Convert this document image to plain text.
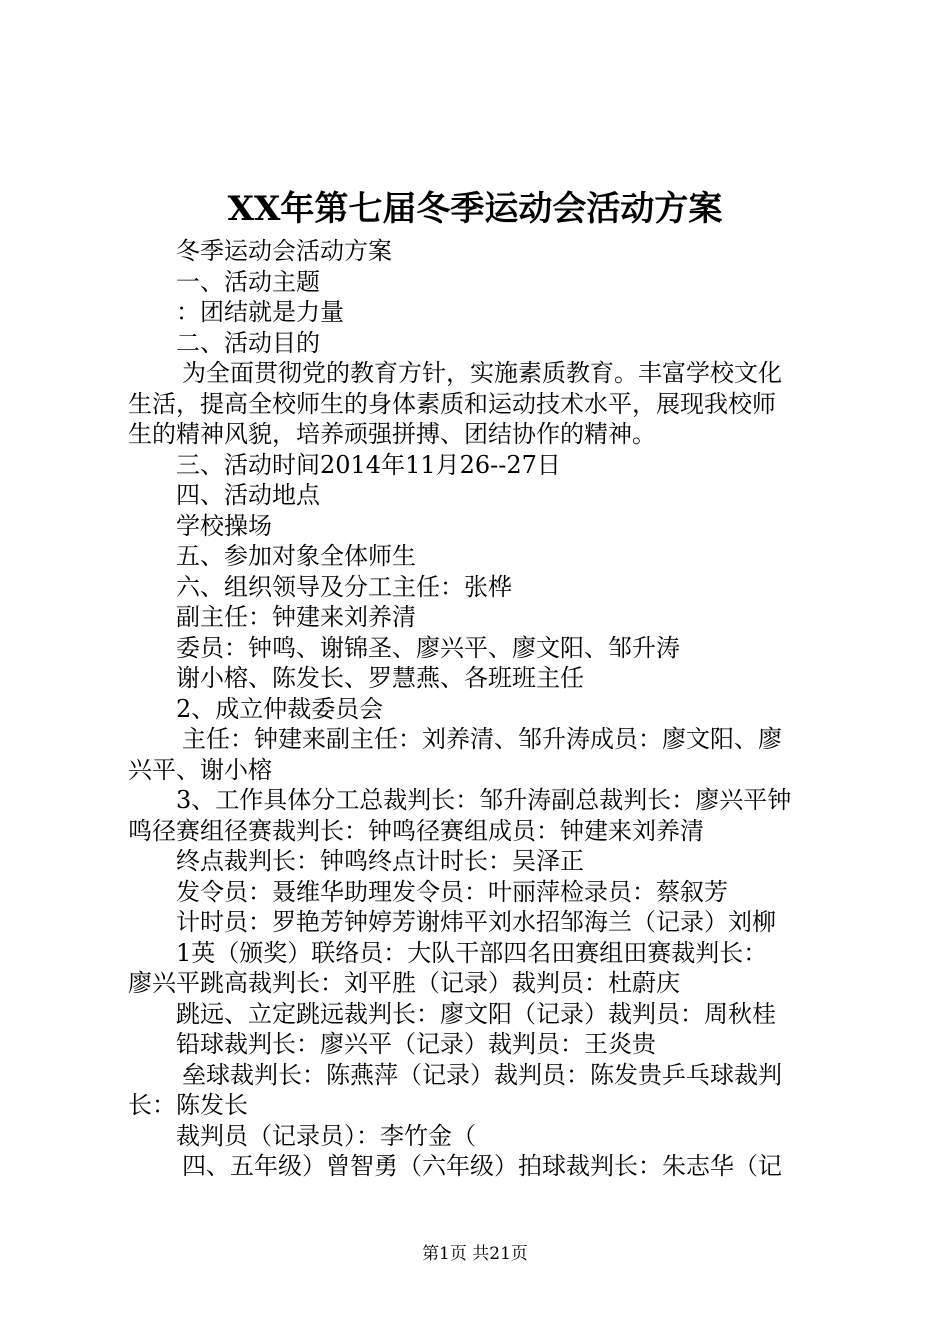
XX年第七届冬季运动会活动方案
冬季运动会活动方案
一、活动主题
：团结就是力量
二、活动目的
为全面贯彻党的教育方针，实施素质教育。丰富学校文化
生活，提高全校师生的身体素质和运动技术水平，展现我校师
生的精神风貌，培养顽强拼搏、团结协作的精神。
三、活动时间2014年11月26--27日
四、活动地点
学校操场
五、参加对象全体师生
六、组织领导及分工主任：张桦
副主任：钟建来刘养清
委员：钟鸣、谢锦圣、廖兴平、廖文阳、邹升涛
谢小榕、陈发长、罗慧燕、各班班主任
2、成立仲裁委员会
主任：钟建来副主任：刘养清、邹升涛成员：廖文阳、廖
兴平、谢小榕
3、工作具体分工总裁判长：邹升涛副总裁判长：廖兴平钟
鸣径赛组径赛裁判长：钟鸣径赛组成员：钟建来刘养清
终点裁判长：钟鸣终点计时长：吴泽正
发令员：聂维华助理发令员：叶丽萍检录员：蔡叙芳
计时员：罗艳芳钟婷芳谢炜平刘水招邹海兰（记录）刘柳
1英（颁奖）联络员：大队干部四名田赛组田赛裁判长：
廖兴平跳高裁判长：刘平胜（记录）裁判员：杜蔚庆
跳远、立定跳远裁判长：廖文阳（记录）裁判员：周秋桂
铅球裁判长：廖兴平（记录）裁判员：王炎贵
垒球裁判长：陈燕萍（记录）裁判员：陈发贵乒乓球裁判
长：陈发长
裁判员（记录员）：李竹金（
四、五年级）曾智勇（六年级）拍球裁判长：朱志华（记
第1页 共21页
